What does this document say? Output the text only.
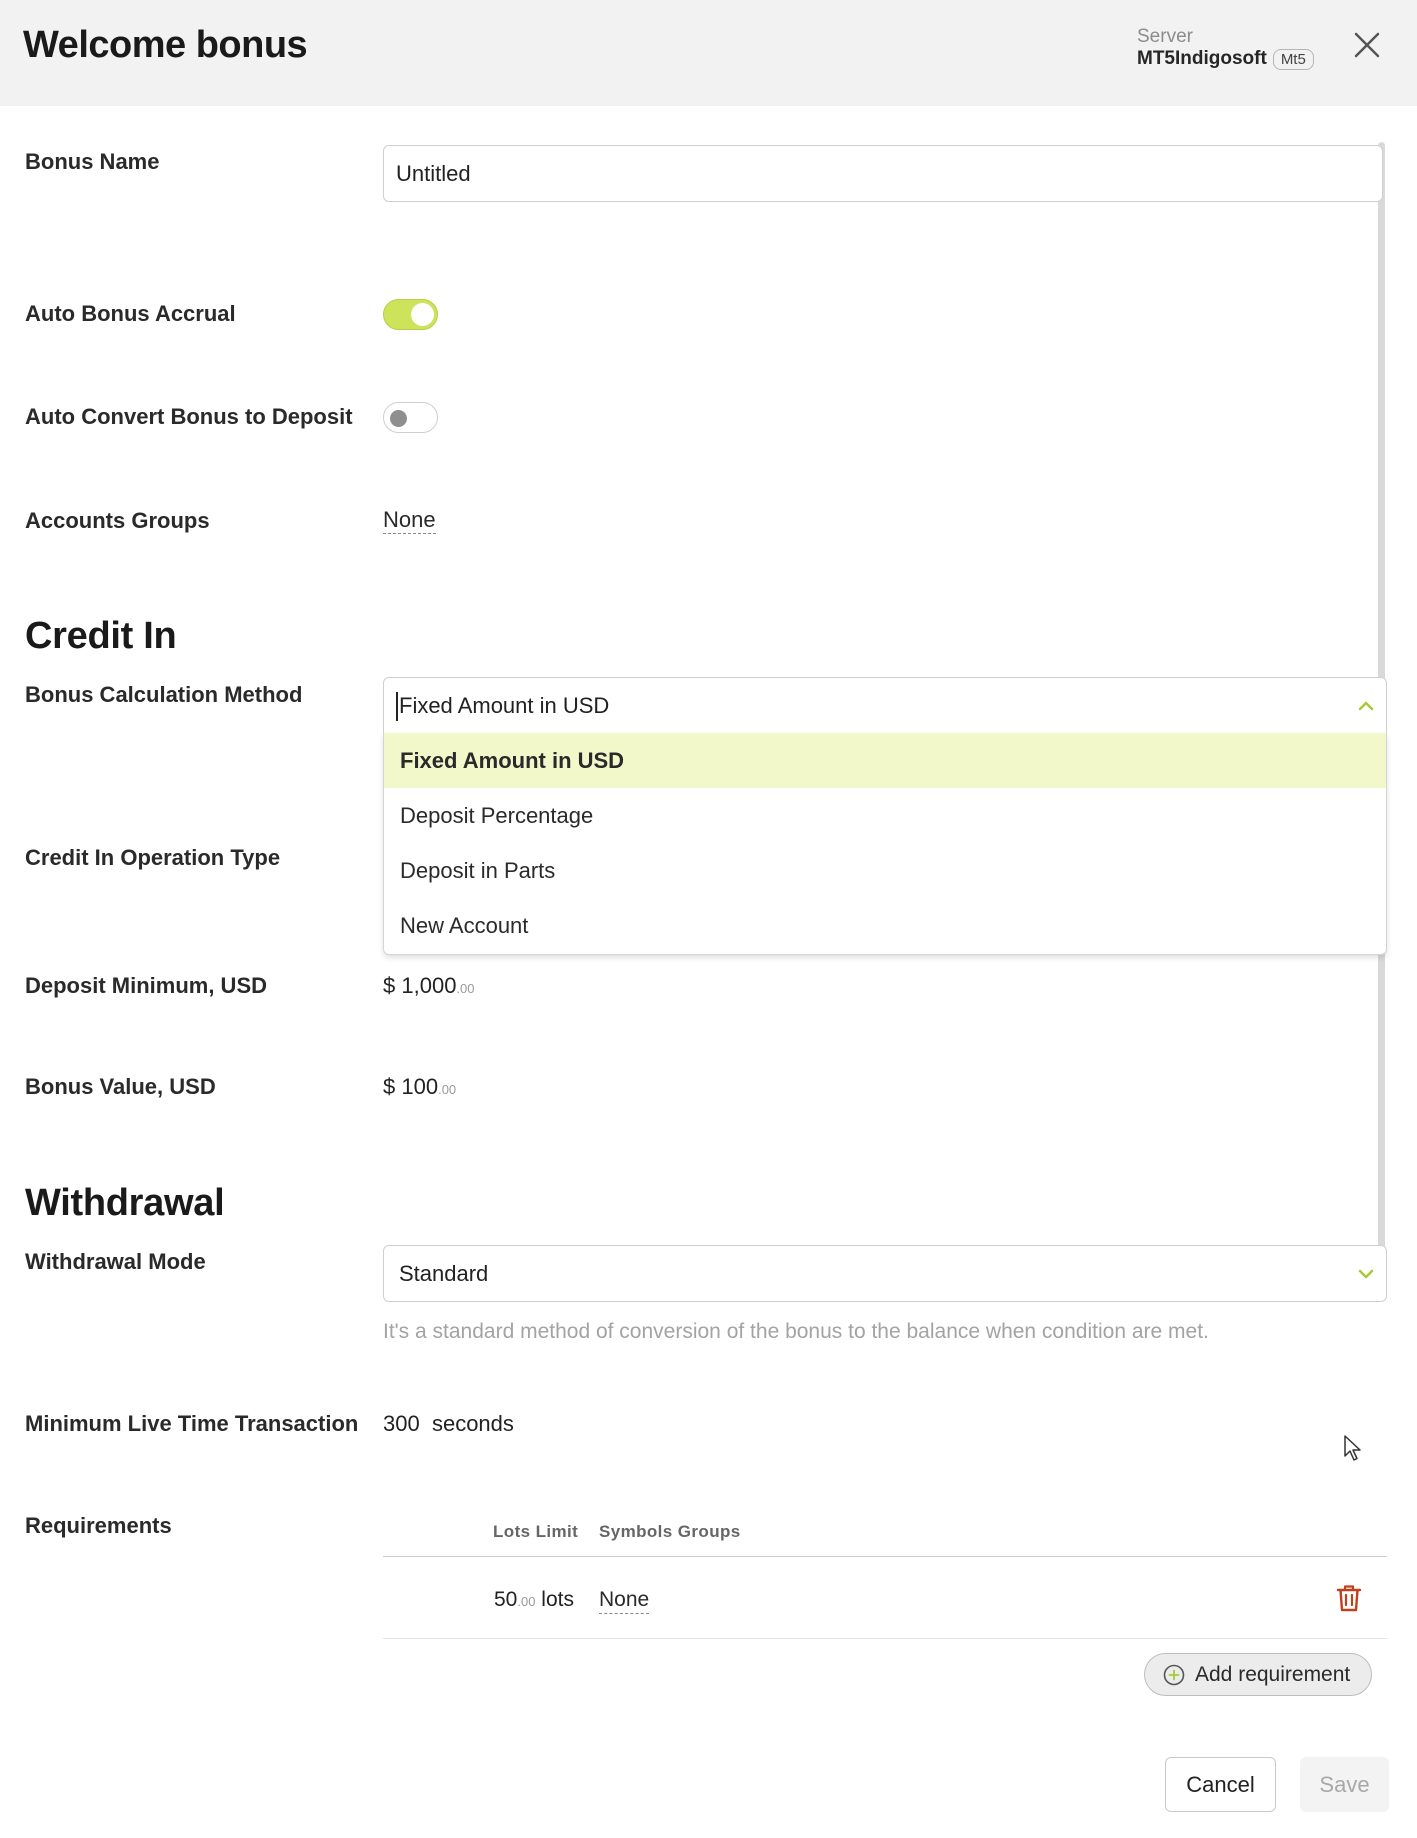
Welcome bonus	Server
MT5Indigosoft Mt5
Bonus Name	Untitled
Auto Bonus Accrual
Auto Convert Bonus to Deposit
Accounts Groups	None
Credit In
Bonus Calculation Method	Fixed Amount in USD
Credit In Operation Type
Fixed Amount in USD
Deposit Percentage
Deposit in Parts
New Account
Deposit Minimum, USD	$ 1,000.00
Bonus Value, USD	$ 100.00
Withdrawal
Withdrawal Mode	Standard
It's a standard method of conversion of the bonus to the balance when condition are met.
Minimum Live Time Transaction 300 seconds
Requirements	Lots Limit Symbols Groups
50.00 lots None
Add requirement
Cancel	Save
